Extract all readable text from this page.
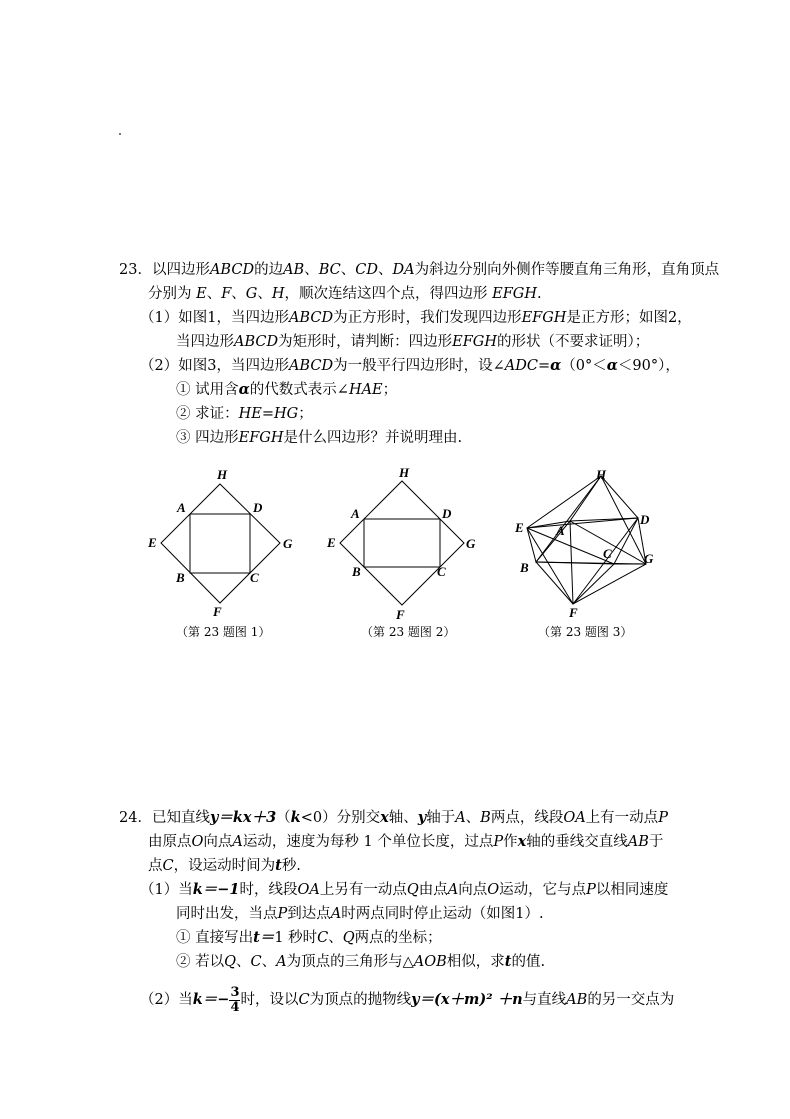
23．以四边形ABCD的边AB、BC、CD、DA为斜边分别向外侧作等腰直角三角形，直角顶点
分别为 E、F、G、H，顺次连结这四个点，得四边形 EFGH.
（1）如图1，当四边形ABCD为正方形时，我们发现四边形EFGH是正方形；如图2，
当四边形ABCD为矩形时，请判断：四边形EFGH的形状（不要求证明）；
（2）如图3，当四边形ABCD为一般平行四边形时，设∠ADC=α（0°＜α＜90°），
① 试用含α的代数式表示∠HAE；
② 求证：HE=HG；
③ 四边形EFGH是什么四边形？并说明理由.
H
A	D
E	G
B	C
F
H
A	D
E	G
B	C
F
H
A
D
E
C G
B
F
（第 23 题图 1）	（第 23 题图 2）	（第 23 题图 3）
24．已知直线y＝kx＋3（k<0）分别交x轴、y轴于A、B两点，线段OA上有一动点P
由原点O向点A运动，速度为每秒 1 个单位长度，过点P作x轴的垂线交直线AB于
点C，设运动时间为t秒.
（1）当k＝−1时，线段OA上另有一动点Q由点A向点O运动，它与点P以相同速度
同时出发，当点P到达点A时两点同时停止运动（如图1）.
① 直接写出t＝1 秒时C、Q两点的坐标；
② 若以Q、C、A为顶点的三角形与△AOB相似，求t的值.
（2）当$k=- \frac{3}{4}$ 时，设以C为顶点的抛物线y＝(x＋m)² ＋n与直线AB的另一交点为
